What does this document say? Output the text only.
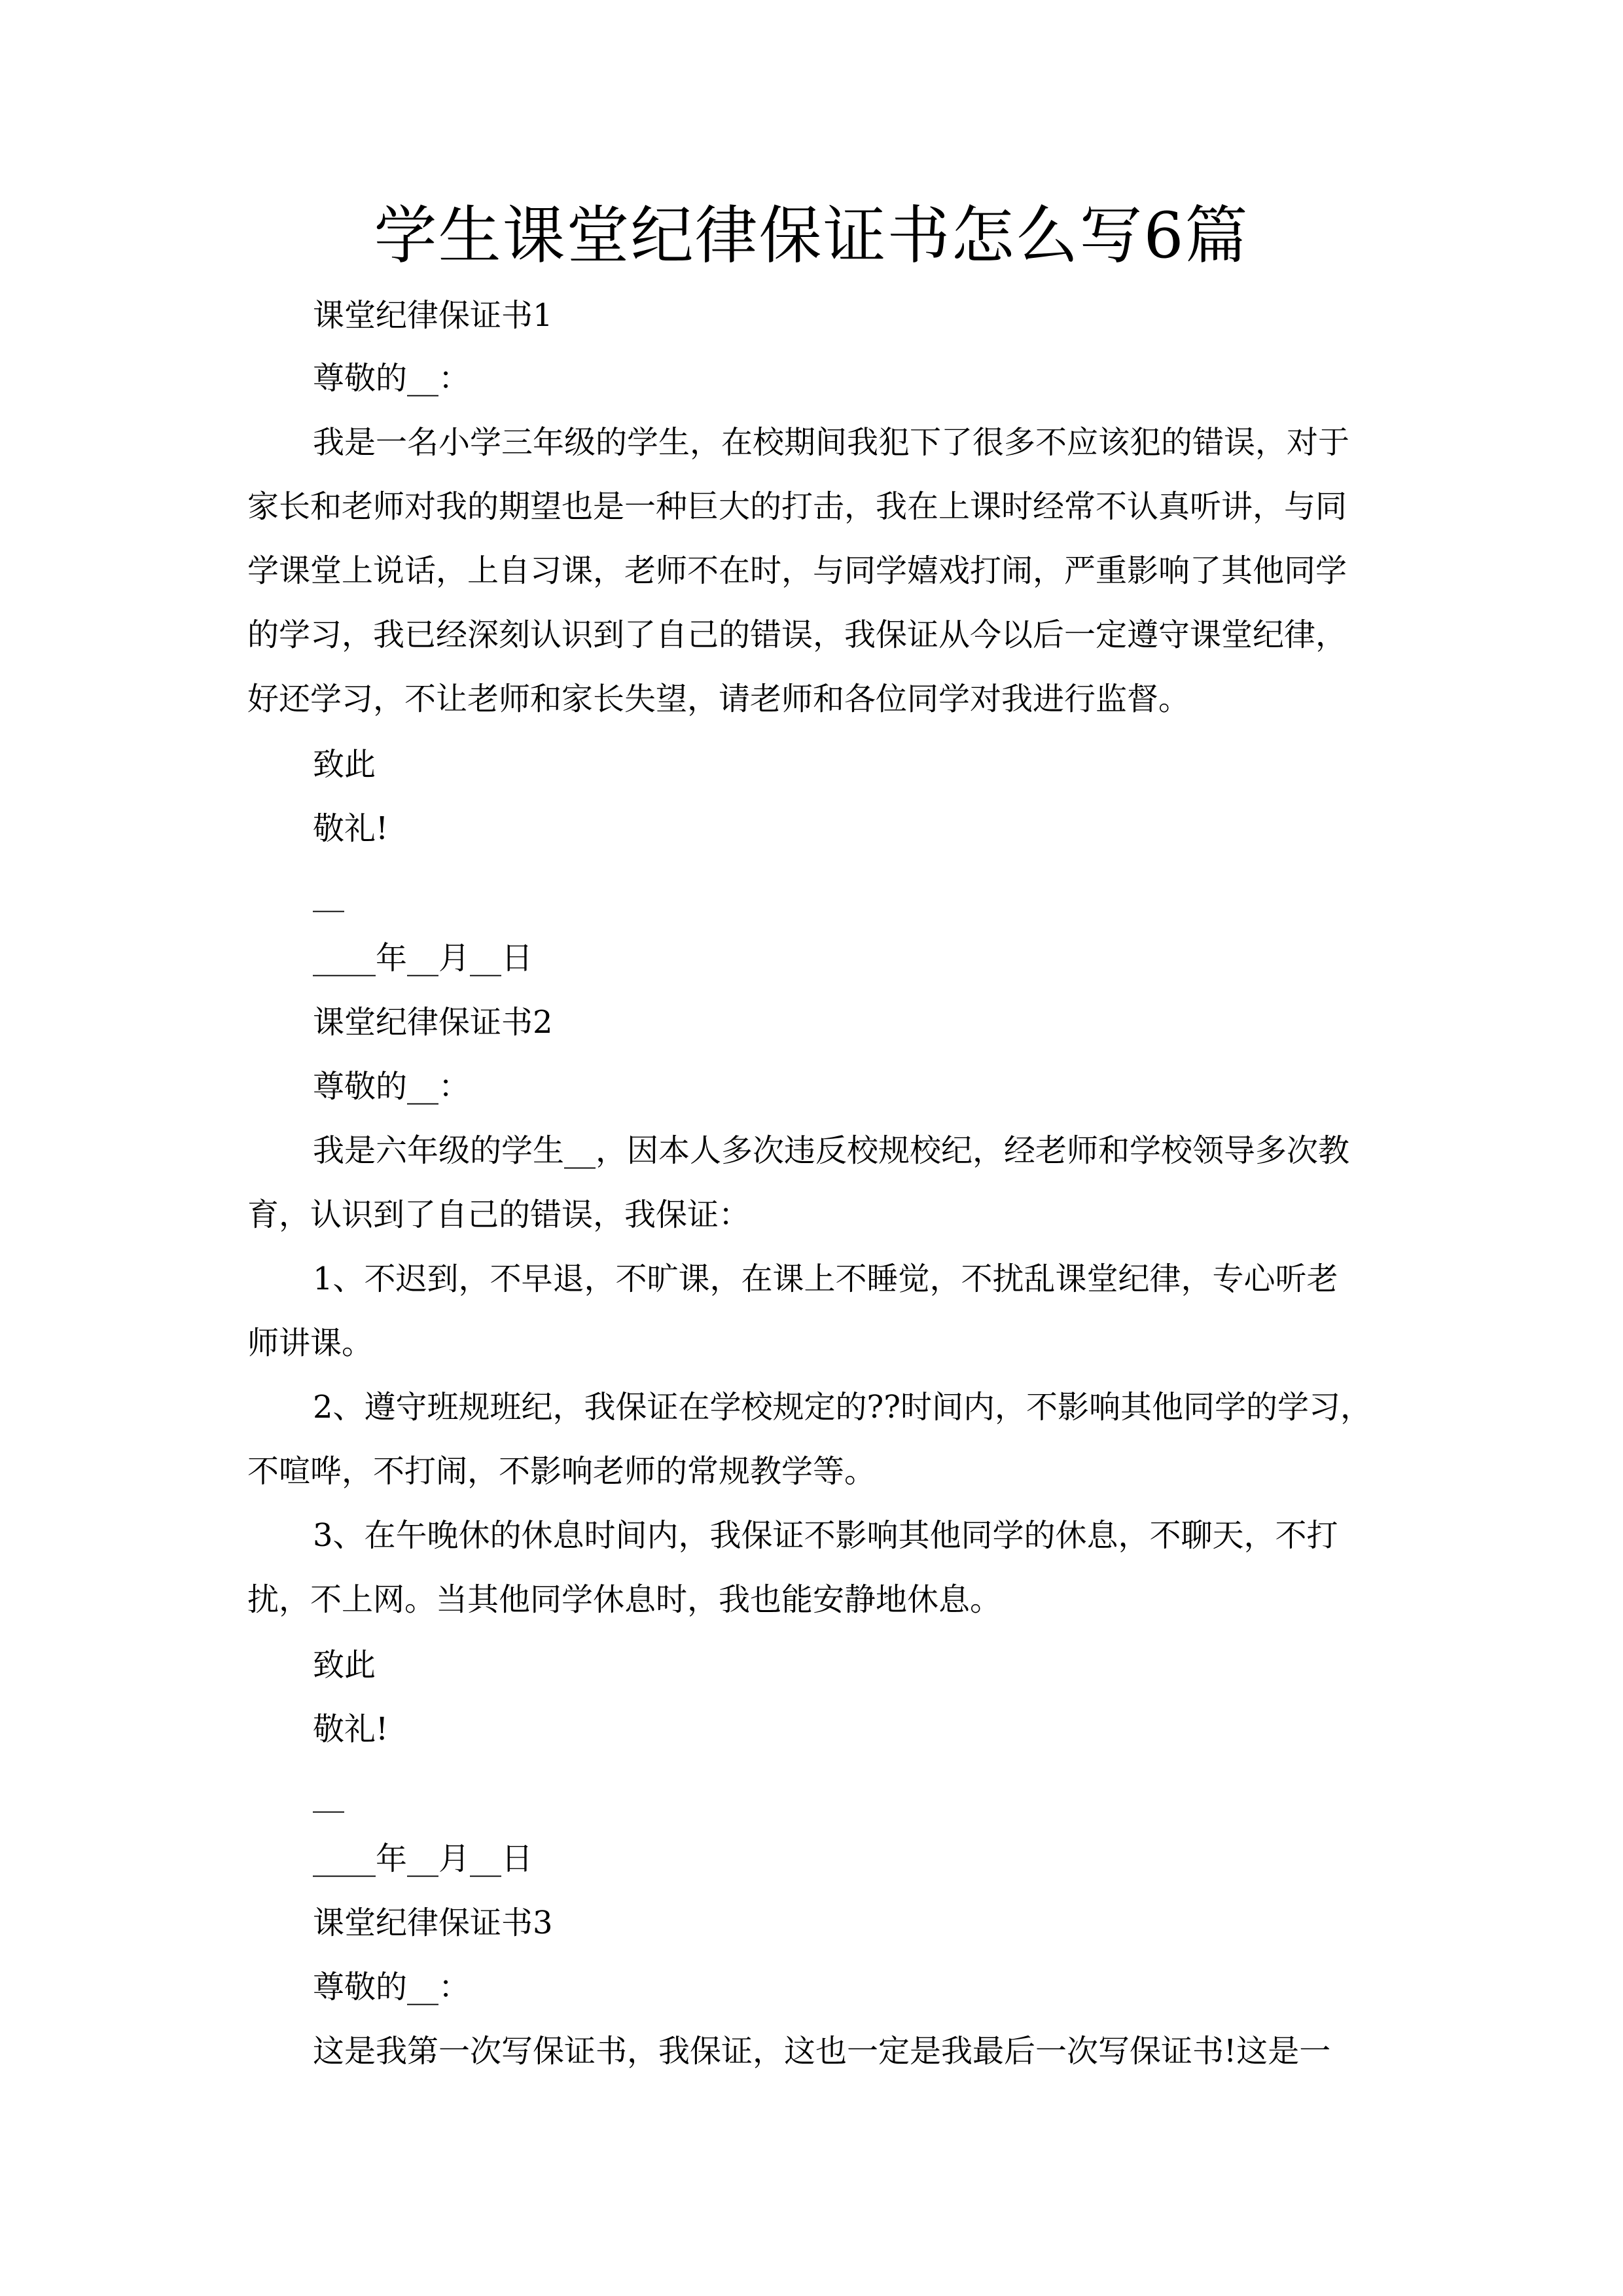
学生课堂纪律保证书怎么写6篇
课堂纪律保证书1
尊敬的__：
我是一名小学三年级的学生，在校期间我犯下了很多不应该犯的错误，对于
家长和老师对我的期望也是一种巨大的打击，我在上课时经常不认真听讲，与同
学课堂上说话，上自习课，老师不在时，与同学嬉戏打闹，严重影响了其他同学
的学习，我已经深刻认识到了自己的错误，我保证从今以后一定遵守课堂纪律，
好还学习，不让老师和家长失望，请老师和各位同学对我进行监督。
致此
敬礼!
__
____年__月__日
课堂纪律保证书2
尊敬的__：
我是六年级的学生__，因本人多次违反校规校纪，经老师和学校领导多次教
育，认识到了自己的错误，我保证：
1、不迟到，不早退，不旷课，在课上不睡觉，不扰乱课堂纪律，专心听老
师讲课。
2、遵守班规班纪，我保证在学校规定的??时间内，不影响其他同学的学习，
不喧哗，不打闹，不影响老师的常规教学等。
3、在午晚休的休息时间内，我保证不影响其他同学的休息，不聊天，不打
扰，不上网。当其他同学休息时，我也能安静地休息。
致此
敬礼!
__
____年__月__日
课堂纪律保证书3
尊敬的__：
这是我第一次写保证书，我保证，这也一定是我最后一次写保证书!这是一
